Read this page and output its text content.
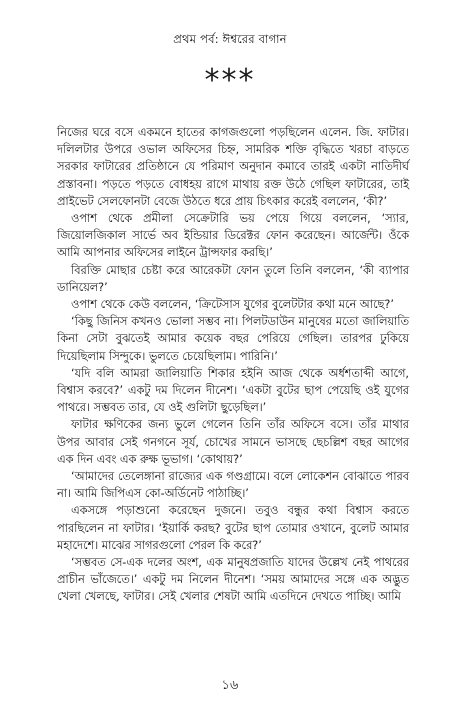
প্রথম পর্ব: ঈশ্বরের বাগান
***

নিজের ঘরে বসে একমনে হাতের কাগজগুলো পড়ছিলেন এলেন. জি. ফাটার। দলিলটার উপরে ওভাল অফিসের চিহ্ন, সামরিক শক্তি বৃদ্ধিতে খরচা বাড়তে সরকার ফাটারের প্রতিষ্ঠানে যে পরিমাণ অনুদান কমাবে তারই একটা নাতিদীর্ঘ প্রস্তাবনা। পড়তে পড়তে বোধহয় রাগে মাথায় রক্ত উঠে গেছিল ফাটারের, তাই প্রাইভেট সেলফোনটা বেজে উঠতে ধরে প্রায় চিৎকার করেই বললেন, ‘কী?’

ওপাশ থেকে প্রমীলা সেক্রেটারি ভয় পেয়ে গিয়ে বললেন, ‘স্যার, জিয়োলজিকাল সার্ভে অব ইন্ডিয়ার ডিরেক্টর ফোন করেছেন। আর্জেন্ট। ওঁকে আমি আপনার অফিসের লাইনে ট্রান্সফার করছি।’

বিরক্তি মোছার চেষ্টা করে আরেকটা ফোন তুলে তিনি বললেন, ‘কী ব্যাপার ডানিয়েল?’

ওপাশ থেকে কেউ বললেন, ‘ক্রিটেসাস যুগের বুলেটটার কথা মনে আছে?’

‘কিছু জিনিস কখনও ভোলা সম্ভব না। পিলটডাউন মানুষের মতো জালিয়াতি কিনা সেটা বুঝতেই আমার কয়েক বছর পেরিয়ে গেছিল। তারপর ঢুকিয়ে দিয়েছিলাম সিন্দুকে। ভুলতে চেয়েছিলাম। পারিনি।’

‘যদি বলি আমরা জালিয়াতি শিকার হইনি আজ থেকে অর্ধশতাব্দী আগে, বিশ্বাস করবে?’ একটু দম দিলেন দীনেশ। ‘একটা বুটের ছাপ পেয়েছি ওই যুগের পাথরে। সম্ভবত তার, যে ওই গুলিটা ছুড়েছিল।’

ফাটার ক্ষণিকের জন্য ভুলে গেলেন তিনি তাঁর অফিসে বসে। তাঁর মাথার উপর আবার সেই গনগনে সূর্য, চোখের সামনে ভাসছে ছেচল্লিশ বছর আগের এক দিন এবং এক রুক্ষ ভূভাগ। ‘কোথায়?’

‘আমাদের তেলেঙ্গানা রাজ্যের এক গণ্ডগ্রামে। বলে লোকেশন বোঝাতে পারব না। আমি জিপিএস কো-অর্ডিনেট পাঠাচ্ছি।’

একসঙ্গে পড়াশুনো করেছেন দুজনে। তবুও বন্ধুর কথা বিশ্বাস করতে পারছিলেন না ফাটার। ‘ইয়ার্কি করছ? বুটের ছাপ তোমার ওখানে, বুলেট আমার মহাদেশে। মাঝের সাগরগুলো পেরল কি করে?’

‘সম্ভবত সে-এক দলের অংশ, এক মানুষপ্রজাতি যাদের উল্লেখ নেই পাথরের প্রাচীন ভাঁজেতে।’ একটু দম নিলেন দীনেশ। ‘সময় আমাদের সঙ্গে এক অদ্ভুত খেলা খেলছে, ফাটার। সেই খেলার শেষটা আমি এতদিনে দেখতে পাচ্ছি। আমি

১৬
